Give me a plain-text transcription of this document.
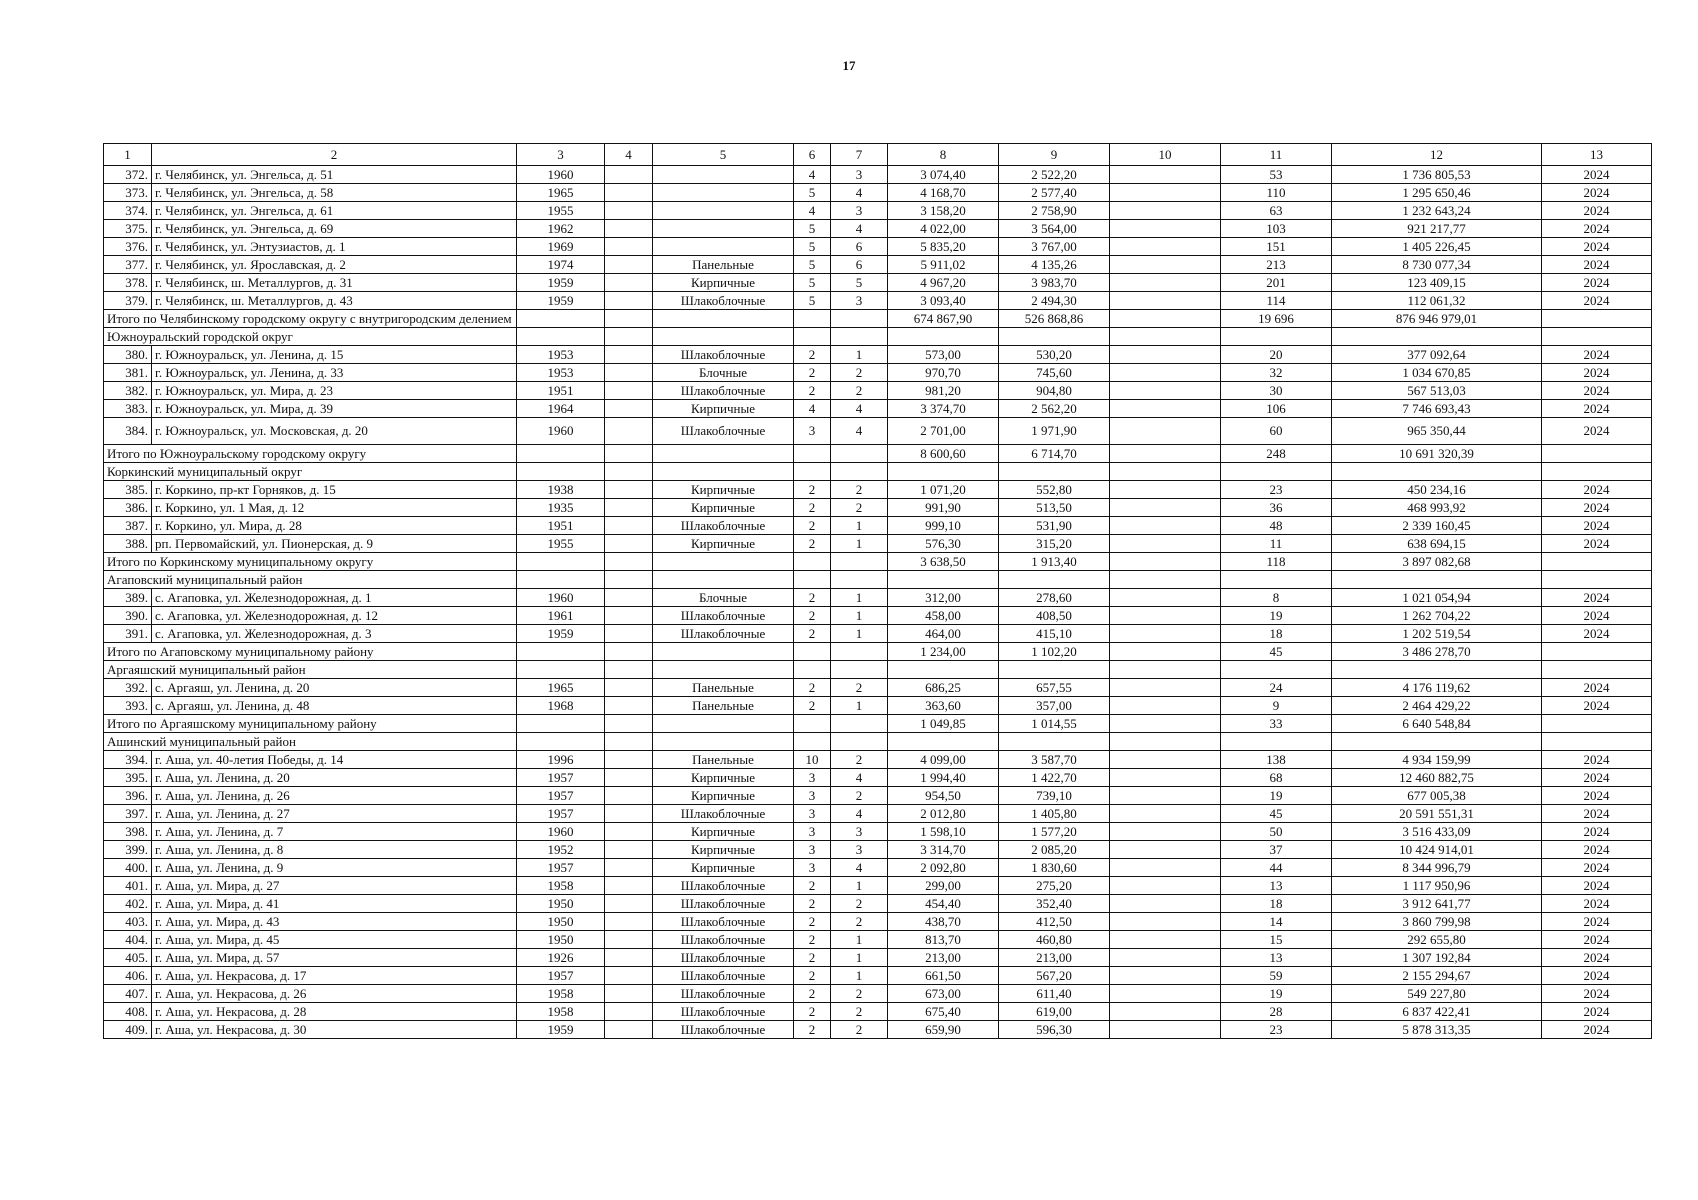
17
1	2	3	4	5	6	7	8	9	10	11	12	13
372.	г. Челябинск, ул. Энгельса, д. 51	1960			4	3	3 074,40	2 522,20		53	1 736 805,53	2024
373.	г. Челябинск, ул. Энгельса, д. 58	1965			5	4	4 168,70	2 577,40		110	1 295 650,46	2024
374.	г. Челябинск, ул. Энгельса, д. 61	1955			4	3	3 158,20	2 758,90		63	1 232 643,24	2024
375.	г. Челябинск, ул. Энгельса, д. 69	1962			5	4	4 022,00	3 564,00		103	921 217,77	2024
376.	г. Челябинск, ул. Энтузиастов, д. 1	1969			5	6	5 835,20	3 767,00		151	1 405 226,45	2024
377.	г. Челябинск, ул. Ярославская, д. 2	1974		Панельные	5	6	5 911,02	4 135,26		213	8 730 077,34	2024
378.	г. Челябинск, ш. Металлургов, д. 31	1959		Кирпичные	5	5	4 967,20	3 983,70		201	123 409,15	2024
379.	г. Челябинск, ш. Металлургов, д. 43	1959		Шлакоблочные	5	3	3 093,40	2 494,30		114	112 061,32	2024
Итого по Челябинскому городскому округу с внутригородским делением							674 867,90	526 868,86		19 696	876 946 979,01	
Южноуральский городской округ												
380.	г. Южноуральск, ул. Ленина, д. 15	1953		Шлакоблочные	2	1	573,00	530,20		20	377 092,64	2024
381.	г. Южноуральск, ул. Ленина, д. 33	1953		Блочные	2	2	970,70	745,60		32	1 034 670,85	2024
382.	г. Южноуральск, ул. Мира, д. 23	1951		Шлакоблочные	2	2	981,20	904,80		30	567 513,03	2024
383.	г. Южноуральск, ул. Мира, д. 39	1964		Кирпичные	4	4	3 374,70	2 562,20		106	7 746 693,43	2024
384.	г. Южноуральск, ул. Московская, д. 20	1960		Шлакоблочные	3	4	2 701,00	1 971,90		60	965 350,44	2024
Итого по Южноуральскому городскому округу							8 600,60	6 714,70		248	10 691 320,39	
Коркинский муниципальный округ												
385.	г. Коркино, пр-кт Горняков, д. 15	1938		Кирпичные	2	2	1 071,20	552,80		23	450 234,16	2024
386.	г. Коркино, ул. 1 Мая, д. 12	1935		Кирпичные	2	2	991,90	513,50		36	468 993,92	2024
387.	г. Коркино, ул. Мира, д. 28	1951		Шлакоблочные	2	1	999,10	531,90		48	2 339 160,45	2024
388.	рп. Первомайский, ул. Пионерская, д. 9	1955		Кирпичные	2	1	576,30	315,20		11	638 694,15	2024
Итого по Коркинскому муниципальному округу							3 638,50	1 913,40		118	3 897 082,68	
Агаповский муниципальный район												
389.	с. Агаповка, ул. Железнодорожная, д. 1	1960		Блочные	2	1	312,00	278,60		8	1 021 054,94	2024
390.	с. Агаповка, ул. Железнодорожная, д. 12	1961		Шлакоблочные	2	1	458,00	408,50		19	1 262 704,22	2024
391.	с. Агаповка, ул. Железнодорожная, д. 3	1959		Шлакоблочные	2	1	464,00	415,10		18	1 202 519,54	2024
Итого по Агаповскому муниципальному району							1 234,00	1 102,20		45	3 486 278,70	
Аргаяшский муниципальный район												
392.	с. Аргаяш, ул. Ленина, д. 20	1965		Панельные	2	2	686,25	657,55		24	4 176 119,62	2024
393.	с. Аргаяш, ул. Ленина, д. 48	1968		Панельные	2	1	363,60	357,00		9	2 464 429,22	2024
Итого по Аргаяшскому муниципальному району							1 049,85	1 014,55		33	6 640 548,84	
Ашинский муниципальный район												
394.	г. Аша, ул. 40-летия Победы, д. 14	1996		Панельные	10	2	4 099,00	3 587,70		138	4 934 159,99	2024
395.	г. Аша, ул. Ленина, д. 20	1957		Кирпичные	3	4	1 994,40	1 422,70		68	12 460 882,75	2024
396.	г. Аша, ул. Ленина, д. 26	1957		Кирпичные	3	2	954,50	739,10		19	677 005,38	2024
397.	г. Аша, ул. Ленина, д. 27	1957		Шлакоблочные	3	4	2 012,80	1 405,80		45	20 591 551,31	2024
398.	г. Аша, ул. Ленина, д. 7	1960		Кирпичные	3	3	1 598,10	1 577,20		50	3 516 433,09	2024
399.	г. Аша, ул. Ленина, д. 8	1952		Кирпичные	3	3	3 314,70	2 085,20		37	10 424 914,01	2024
400.	г. Аша, ул. Ленина, д. 9	1957		Кирпичные	3	4	2 092,80	1 830,60		44	8 344 996,79	2024
401.	г. Аша, ул. Мира, д. 27	1958		Шлакоблочные	2	1	299,00	275,20		13	1 117 950,96	2024
402.	г. Аша, ул. Мира, д. 41	1950		Шлакоблочные	2	2	454,40	352,40		18	3 912 641,77	2024
403.	г. Аша, ул. Мира, д. 43	1950		Шлакоблочные	2	2	438,70	412,50		14	3 860 799,98	2024
404.	г. Аша, ул. Мира, д. 45	1950		Шлакоблочные	2	1	813,70	460,80		15	292 655,80	2024
405.	г. Аша, ул. Мира, д. 57	1926		Шлакоблочные	2	1	213,00	213,00		13	1 307 192,84	2024
406.	г. Аша, ул. Некрасова, д. 17	1957		Шлакоблочные	2	1	661,50	567,20		59	2 155 294,67	2024
407.	г. Аша, ул. Некрасова, д. 26	1958		Шлакоблочные	2	2	673,00	611,40		19	549 227,80	2024
408.	г. Аша, ул. Некрасова, д. 28	1958		Шлакоблочные	2	2	675,40	619,00		28	6 837 422,41	2024
409.	г. Аша, ул. Некрасова, д. 30	1959		Шлакоблочные	2	2	659,90	596,30		23	5 878 313,35	2024
